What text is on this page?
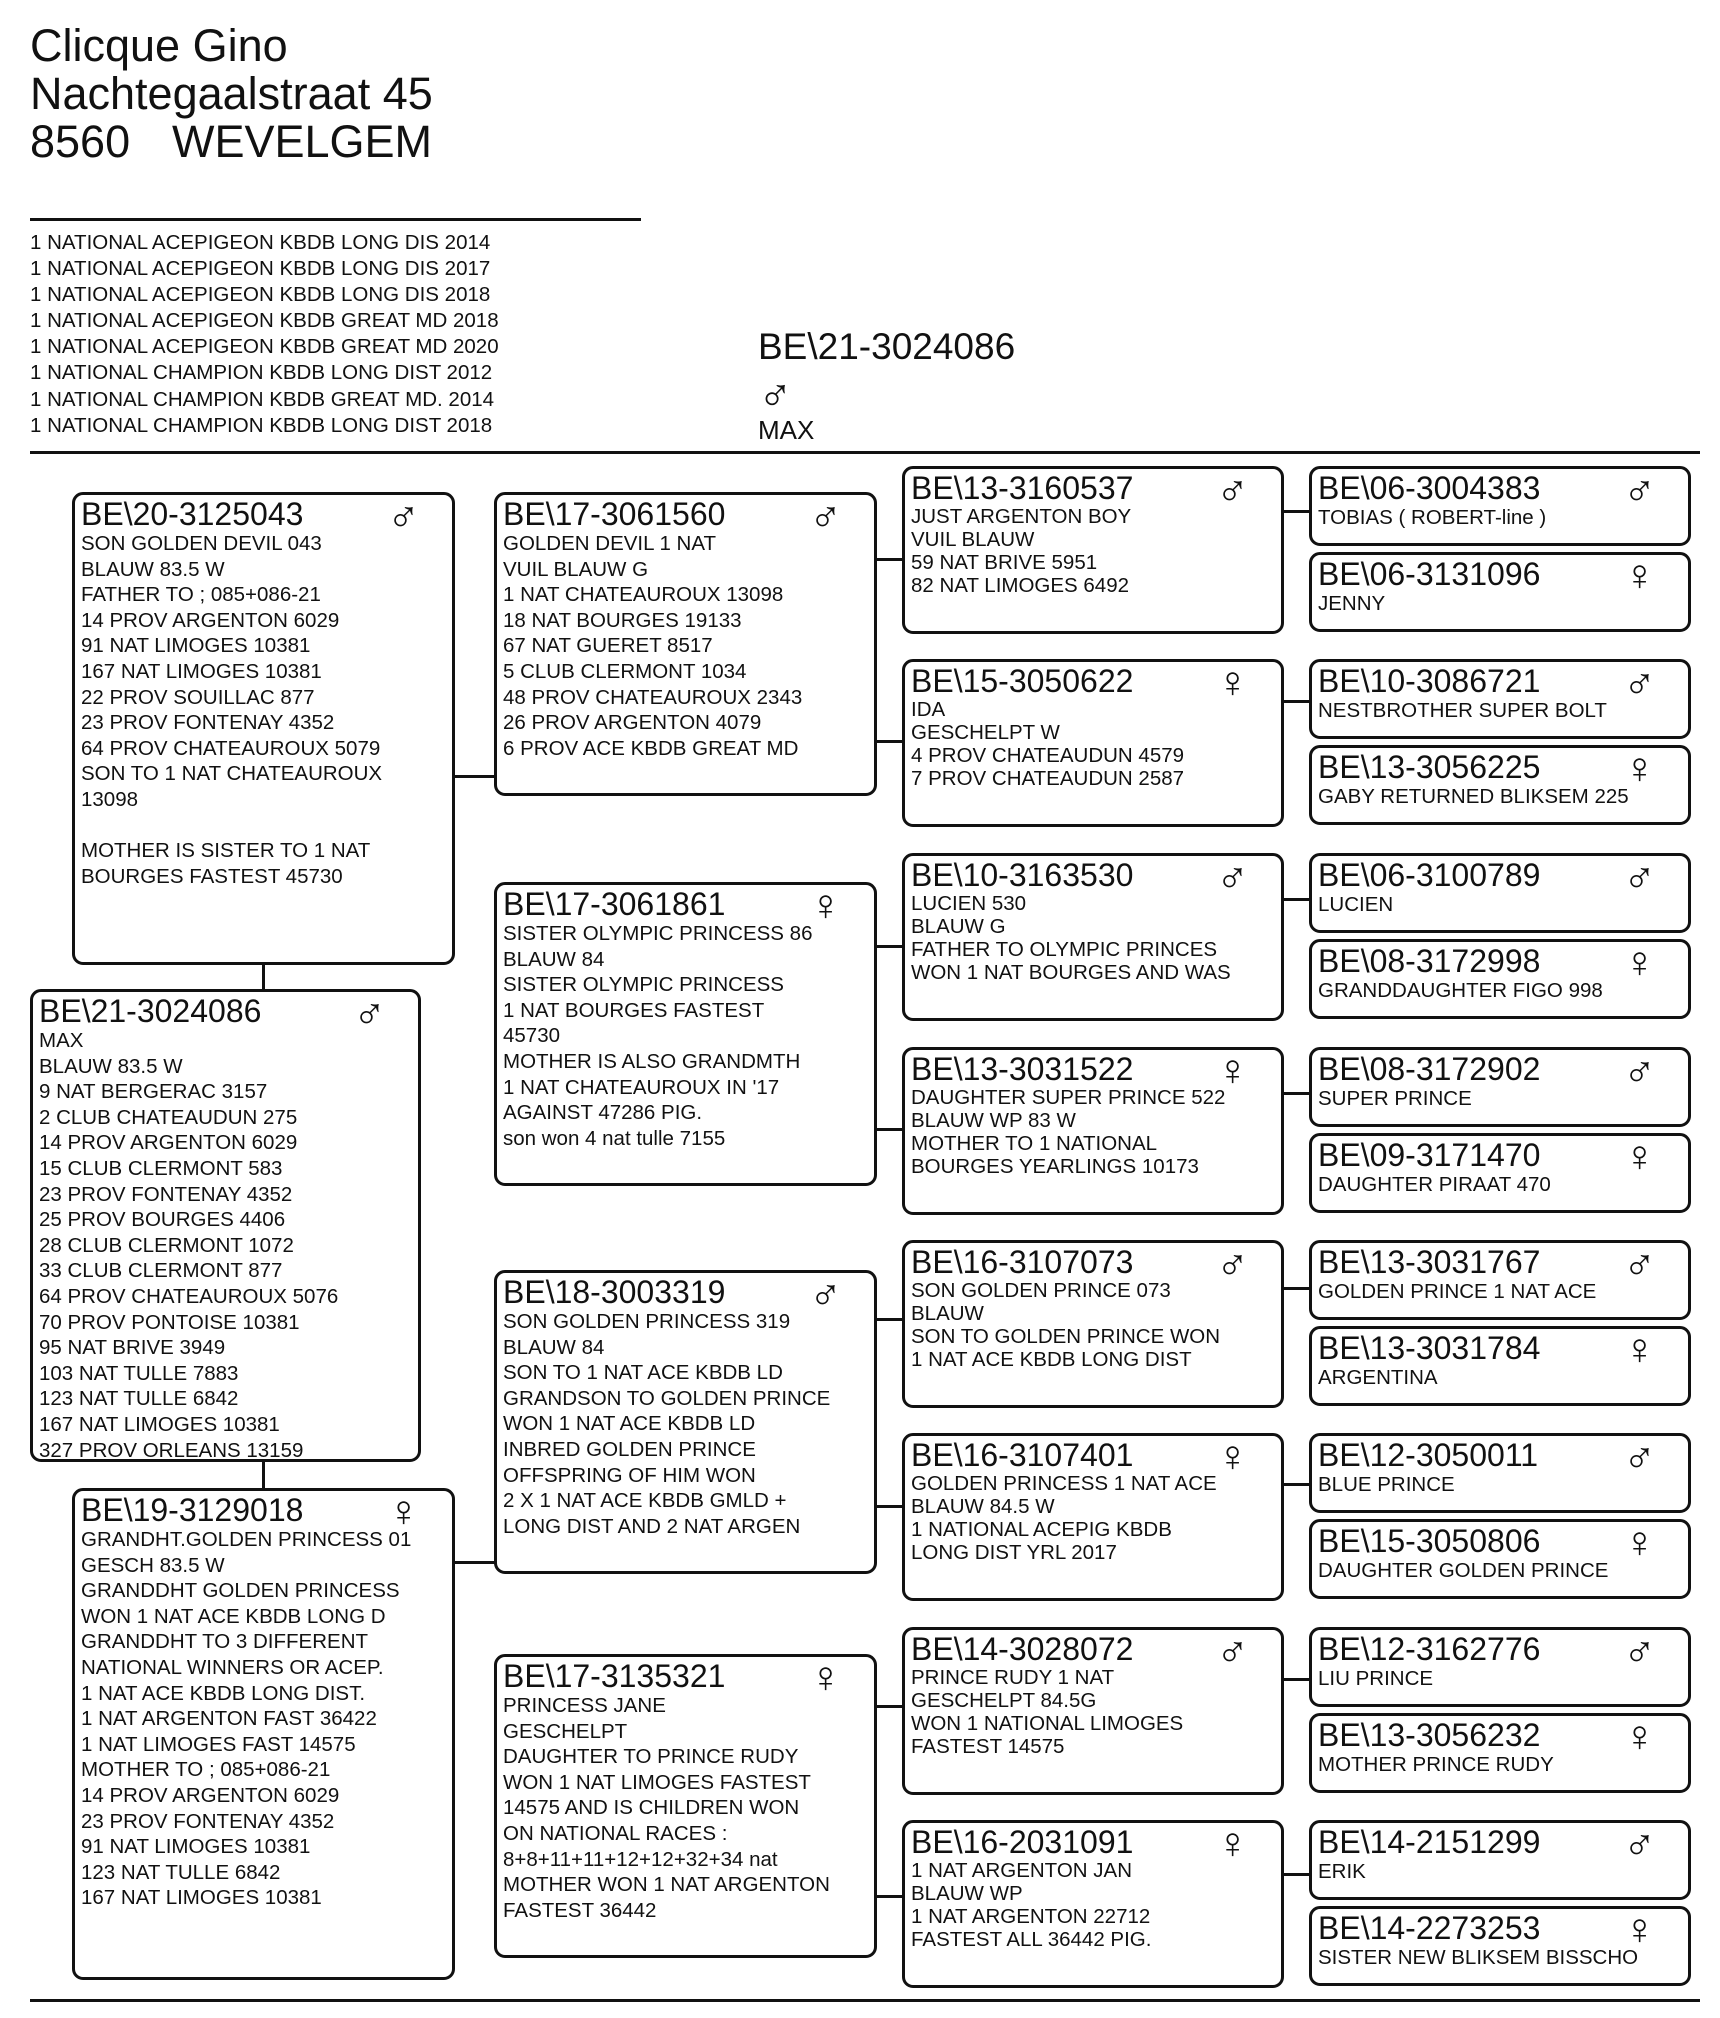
Clicque Gino
Nachtegaalstraat 45
8560 WEVELGEM
1 NATIONAL ACEPIGEON KBDB LONG DIS 2014
1 NATIONAL ACEPIGEON KBDB LONG DIS 2017
1 NATIONAL ACEPIGEON KBDB LONG DIS 2018
1 NATIONAL ACEPIGEON KBDB GREAT MD 2018
1 NATIONAL ACEPIGEON KBDB GREAT MD 2020
1 NATIONAL CHAMPION KBDB LONG DIST 2012
1 NATIONAL CHAMPION KBDB GREAT MD. 2014
1 NATIONAL CHAMPION KBDB LONG DIST 2018
BE\21-3024086
♂
MAX
BE\21-3024086	♂
MAX
BLAUW 83.5 W
9 NAT BERGERAC 3157
2 CLUB CHATEAUDUN 275
14 PROV ARGENTON 6029
15 CLUB CLERMONT 583
23 PROV FONTENAY 4352
25 PROV BOURGES 4406
28 CLUB CLERMONT 1072
33 CLUB CLERMONT 877
64 PROV CHATEAUROUX 5076
70 PROV PONTOISE 10381
95 NAT BRIVE 3949
103 NAT TULLE 7883
123 NAT TULLE 6842
167 NAT LIMOGES 10381
327 PROV ORLEANS 13159
BE\20-3125043	♂
SON GOLDEN DEVIL 043
BLAUW 83.5 W
FATHER TO ; 085+086-21
14 PROV ARGENTON 6029
91 NAT LIMOGES 10381
167 NAT LIMOGES 10381
22 PROV SOUILLAC 877
23 PROV FONTENAY 4352
64 PROV CHATEAUROUX 5079
SON TO 1 NAT CHATEAUROUX
13098

MOTHER IS SISTER TO 1 NAT
BOURGES FASTEST 45730
BE\19-3129018	♀
GRANDHT.GOLDEN PRINCESS 01
GESCH 83.5 W
GRANDDHT GOLDEN PRINCESS
WON 1 NAT ACE KBDB LONG D
GRANDDHT TO 3 DIFFERENT
NATIONAL WINNERS OR ACEP.
1 NAT ACE KBDB LONG DIST.
1 NAT ARGENTON FAST 36422
1 NAT LIMOGES FAST 14575
MOTHER TO ; 085+086-21
14 PROV ARGENTON 6029
23 PROV FONTENAY 4352
91 NAT LIMOGES 10381
123 NAT TULLE 6842
167 NAT LIMOGES 10381
BE\17-3061560	♂
GOLDEN DEVIL 1 NAT
VUIL BLAUW G
1 NAT CHATEAUROUX 13098
18 NAT BOURGES 19133
67 NAT GUERET 8517
5 CLUB CLERMONT 1034
48 PROV CHATEAUROUX 2343
26 PROV ARGENTON 4079
6 PROV ACE KBDB GREAT MD
BE\17-3061861	♀
SISTER OLYMPIC PRINCESS 86
BLAUW 84
SISTER OLYMPIC PRINCESS
1 NAT BOURGES FASTEST
45730
MOTHER IS ALSO GRANDMTH
1 NAT CHATEAUROUX IN '17
AGAINST 47286 PIG.
son won 4 nat tulle 7155
BE\18-3003319	♂
SON GOLDEN PRINCESS 319
BLAUW 84
SON TO 1 NAT ACE KBDB LD
GRANDSON TO GOLDEN PRINCE
WON 1 NAT ACE KBDB LD
INBRED GOLDEN PRINCE
OFFSPRING OF HIM WON
2 X 1 NAT ACE KBDB GMLD +
LONG DIST AND 2 NAT ARGEN
BE\17-3135321	♀
PRINCESS JANE
GESCHELPT
DAUGHTER TO PRINCE RUDY
WON 1 NAT LIMOGES FASTEST
14575 AND IS CHILDREN WON
ON NATIONAL RACES :
8+8+11+11+12+12+32+34 nat
MOTHER WON 1 NAT ARGENTON
FASTEST 36442
BE\13-3160537	♂
JUST ARGENTON BOY
VUIL BLAUW
59 NAT BRIVE 5951
82 NAT LIMOGES 6492
BE\15-3050622	♀
IDA
GESCHELPT W
4 PROV CHATEAUDUN 4579
7 PROV CHATEAUDUN 2587
BE\10-3163530	♂
LUCIEN 530
BLAUW G
FATHER TO OLYMPIC PRINCES
WON 1 NAT BOURGES AND WAS
BE\13-3031522	♀
DAUGHTER SUPER PRINCE 522
BLAUW WP 83 W
MOTHER TO 1 NATIONAL
BOURGES YEARLINGS 10173
BE\16-3107073	♂
SON GOLDEN PRINCE 073
BLAUW
SON TO GOLDEN PRINCE WON
1 NAT ACE KBDB LONG DIST
BE\16-3107401	♀
GOLDEN PRINCESS 1 NAT ACE
BLAUW 84.5 W
1 NATIONAL ACEPIG KBDB
LONG DIST YRL 2017
BE\14-3028072	♂
PRINCE RUDY 1 NAT
GESCHELPT 84.5G
WON 1 NATIONAL LIMOGES
FASTEST 14575
BE\16-2031091	♀
1 NAT ARGENTON JAN
BLAUW WP
1 NAT ARGENTON 22712
FASTEST ALL 36442 PIG.
BE\06-3004383	♂
TOBIAS ( ROBERT-line )
BE\06-3131096	♀
JENNY
BE\10-3086721	♂
NESTBROTHER SUPER BOLT
BE\13-3056225	♀
GABY RETURNED BLIKSEM 225
BE\06-3100789	♂
LUCIEN
BE\08-3172998	♀
GRANDDAUGHTER FIGO 998
BE\08-3172902	♂
SUPER PRINCE
BE\09-3171470	♀
DAUGHTER PIRAAT 470
BE\13-3031767	♂
GOLDEN PRINCE 1 NAT ACE
BE\13-3031784	♀
ARGENTINA
BE\12-3050011	♂
BLUE PRINCE
BE\15-3050806	♀
DAUGHTER GOLDEN PRINCE
BE\12-3162776	♂
LIU PRINCE
BE\13-3056232	♀
MOTHER PRINCE RUDY
BE\14-2151299	♂
ERIK
BE\14-2273253	♀
SISTER NEW BLIKSEM BISSCHO
